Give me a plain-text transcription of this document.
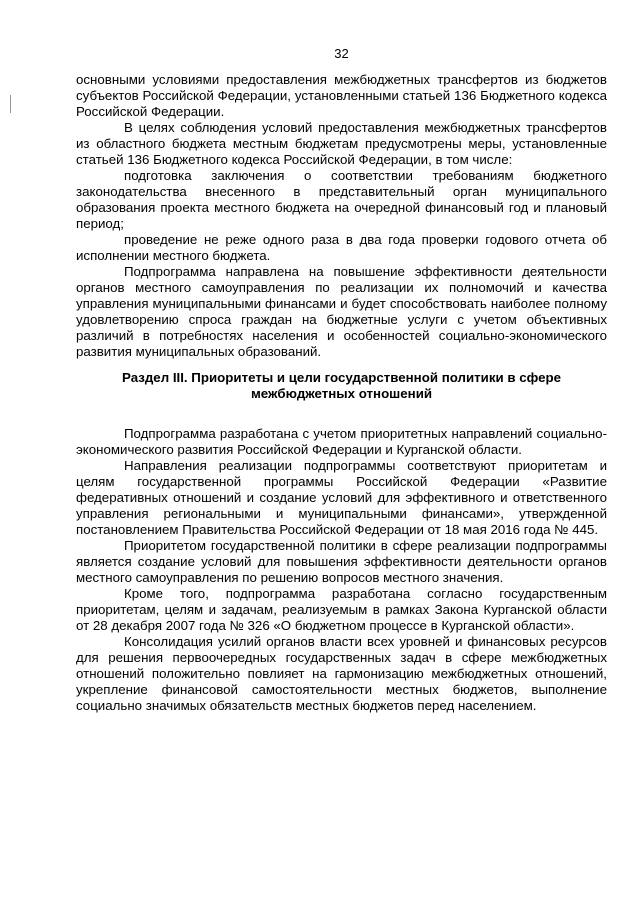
32

основными условиями предоставления межбюджетных трансфертов из бюджетов субъектов Российской Федерации, установленными статьей 136 Бюджетного кодекса Российской Федерации.

В целях соблюдения условий предоставления межбюджетных трансфертов из областного бюджета местным бюджетам предусмотрены меры, установленные статьей 136 Бюджетного кодекса Российской Федерации, в том числе:

подготовка заключения о соответствии требованиям бюджетного законодательства внесенного в представительный орган муниципального образования проекта местного бюджета на очередной финансовый год и плановый период;

проведение не реже одного раза в два года проверки годового отчета об исполнении местного бюджета.

Подпрограмма направлена на повышение эффективности деятельности органов местного самоуправления по реализации их полномочий и качества управления муниципальными финансами и будет способствовать наиболее полному удовлетворению спроса граждан на бюджетные услуги с учетом объективных различий в потребностях населения и особенностей социально-экономического развития муниципальных образований.

Раздел III. Приоритеты и цели государственной политики в сфере
межбюджетных отношений

Подпрограмма разработана с учетом приоритетных направлений социально-экономического развития Российской Федерации и Курганской области.

Направления реализации подпрограммы соответствуют приоритетам и целям государственной программы Российской Федерации «Развитие федеративных отношений и создание условий для эффективного и ответственного управления региональными и муниципальными финансами», утвержденной постановлением Правительства Российской Федерации от 18 мая 2016 года № 445.

Приоритетом государственной политики в сфере реализации подпрограммы является создание условий для повышения эффективности деятельности органов местного самоуправления по решению вопросов местного значения.

Кроме того, подпрограмма разработана согласно государственным приоритетам, целям и задачам, реализуемым в рамках Закона Курганской области от 28 декабря 2007 года № 326 «О бюджетном процессе в Курганской области».

Консолидация усилий органов власти всех уровней и финансовых ресурсов для решения первоочередных государственных задач в сфере межбюджетных отношений положительно повлияет на гармонизацию межбюджетных отношений, укрепление финансовой самостоятельности местных бюджетов, выполнение социально значимых обязательств местных бюджетов перед населением.
